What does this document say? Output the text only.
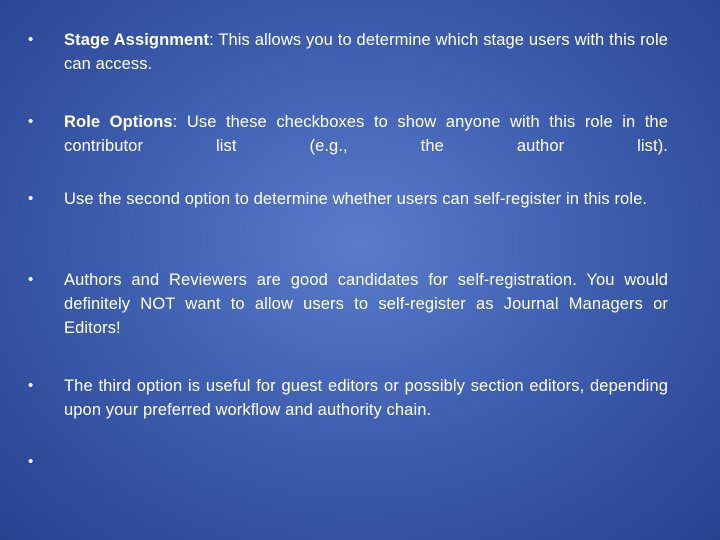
•	Stage Assignment: This allows you to determine which stage users with this role can access.
•	Role Options: Use these checkboxes to show anyone with this role in the contributor list (e.g., the author list).
•	Use the second option to determine whether users can self-register in this role.
•	Authors and Reviewers are good candidates for self-registration. You would definitely NOT want to allow users to self-register as Journal Managers or Editors!
•	The third option is useful for guest editors or possibly section editors, depending upon your preferred workflow and authority chain.
•
